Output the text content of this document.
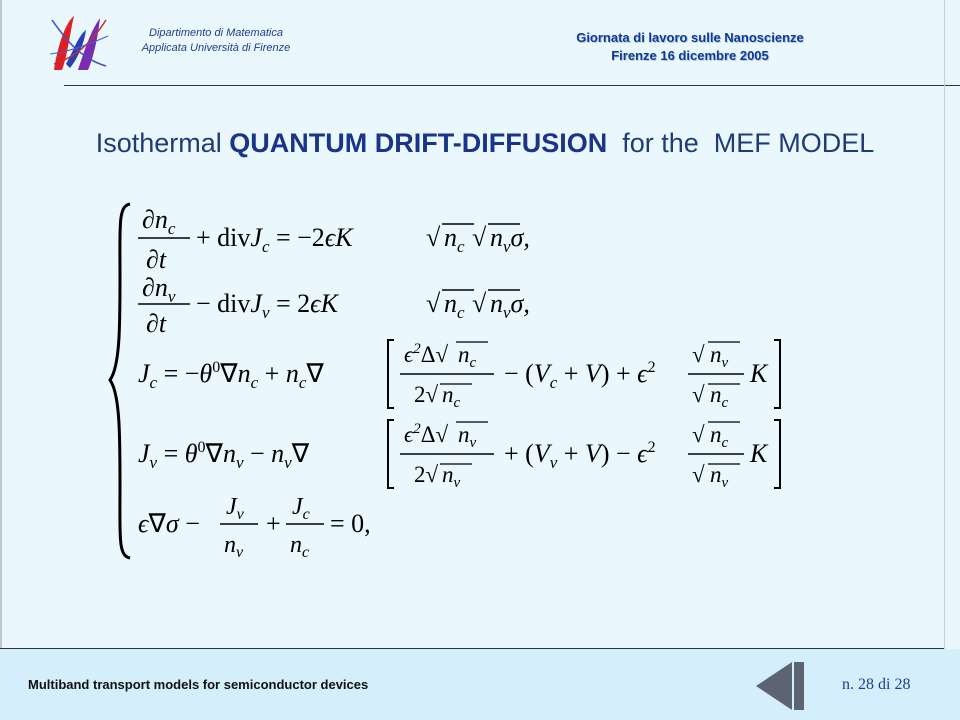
Dipartimento di Matematica
Applicata Università di Firenze
Giornata di lavoro sulle Nanoscienze
Firenze 16 dicembre 2005
Isothermal QUANTUM DRIFT-DIFFUSION  for the  MEF MODEL
$\partial n_c$
∂t
+ divJ$_c$ = −2ϵK	√ $n_c$ √ $n_v\sigma$,
$\partial n_v$
∂t
− divJ$_v$ = 2ϵK	√ $n_c$ √ $n_v\sigma$,
$J_c = -\theta^0\nabla n_c + n_c\nabla$
$\epsilon^2\Delta√$ $n_c$
2√ $n_c$
− $(V_c + V) + \epsilon^2$
√ $n_v$
√ $n_c$
K
$J_v = \theta^0\nabla n_v - n_v\nabla$
$\epsilon^2\Delta√$ $n_v$
2√ $n_v$
+ $(V_v + V) - \epsilon^2$
√ $n_c$
√ $n_v$
K
ϵ∇σ −
$J_v$
$n_v$
+
$J_c$
$n_c$
= 0,
Multiband transport models for semiconductor devices	n. 28 di 28
